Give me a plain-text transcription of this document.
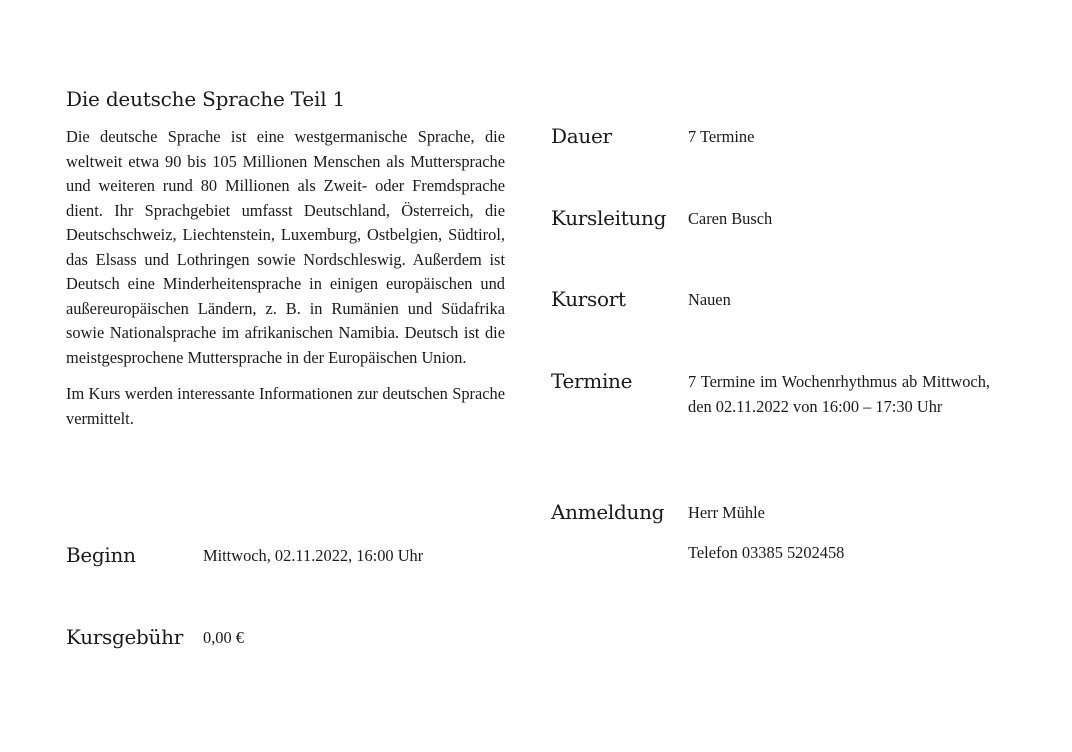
Die deutsche Sprache Teil 1

Die deutsche Sprache ist eine westgermanische Sprache, die weltweit etwa 90 bis 105 Millionen Menschen als Muttersprache und weiteren rund 80 Millionen als Zweit- oder Fremdsprache dient. Ihr Sprachgebiet umfasst Deutschland, Österreich, die Deutschschweiz, Liechtenstein, Luxemburg, Ostbelgien, Südtirol, das Elsass und Lothringen sowie Nordschleswig. Außerdem ist Deutsch eine Minderheitensprache in einigen europäischen und außereuropäischen Ländern, z. B. in Rumänien und Südafrika sowie Nationalsprache im afrikanischen Namibia. Deutsch ist die meistgesprochene Muttersprache in der Europäischen Union.

Im Kurs werden interessante Informationen zur deutschen Sprache vermittelt.

Beginn	Mittwoch, 02.11.2022, 16:00 Uhr
Kursgebühr 0,00 €
Dauer	7 Termine
Kursleitung Caren Busch
Kursort	Nauen
Termine	7 Termine im Wochenrhythmus ab Mittwoch, den 02.11.2022 von 16:00 – 17:30 Uhr
Anmeldung Herr Mühle
Telefon 03385 5202458
